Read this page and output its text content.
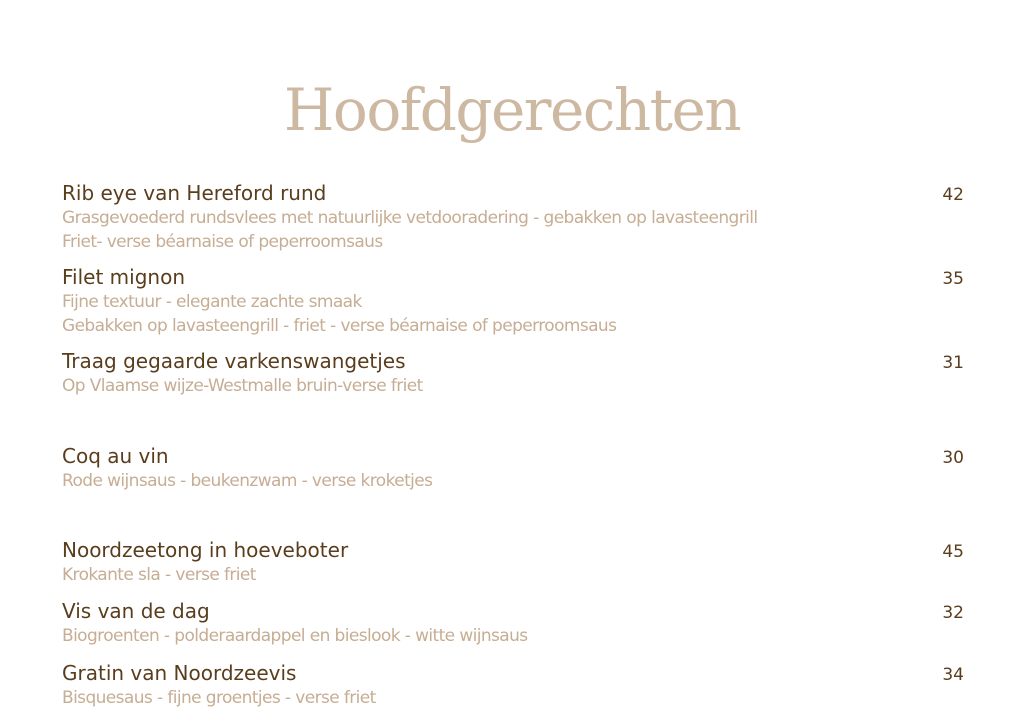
Hoofdgerechten
Rib eye van Hereford rund	42
Grasgevoederd rundsvlees met natuurlijke vetdooradering - gebakken op lavasteengrill
Friet- verse béarnaise of peperroomsaus
Filet mignon	35
Fijne textuur - elegante zachte smaak
Gebakken op lavasteengrill - friet - verse béarnaise of peperroomsaus
Traag gegaarde varkenswangetjes	31
Op Vlaamse wijze-Westmalle bruin-verse friet
Coq au vin	30
Rode wijnsaus - beukenzwam - verse kroketjes
Noordzeetong in hoeveboter	45
Krokante sla - verse friet
Vis van de dag	32
Biogroenten - polderaardappel en bieslook - witte wijnsaus
Gratin van Noordzeevis	34
Bisquesaus - fijne groentjes - verse friet
